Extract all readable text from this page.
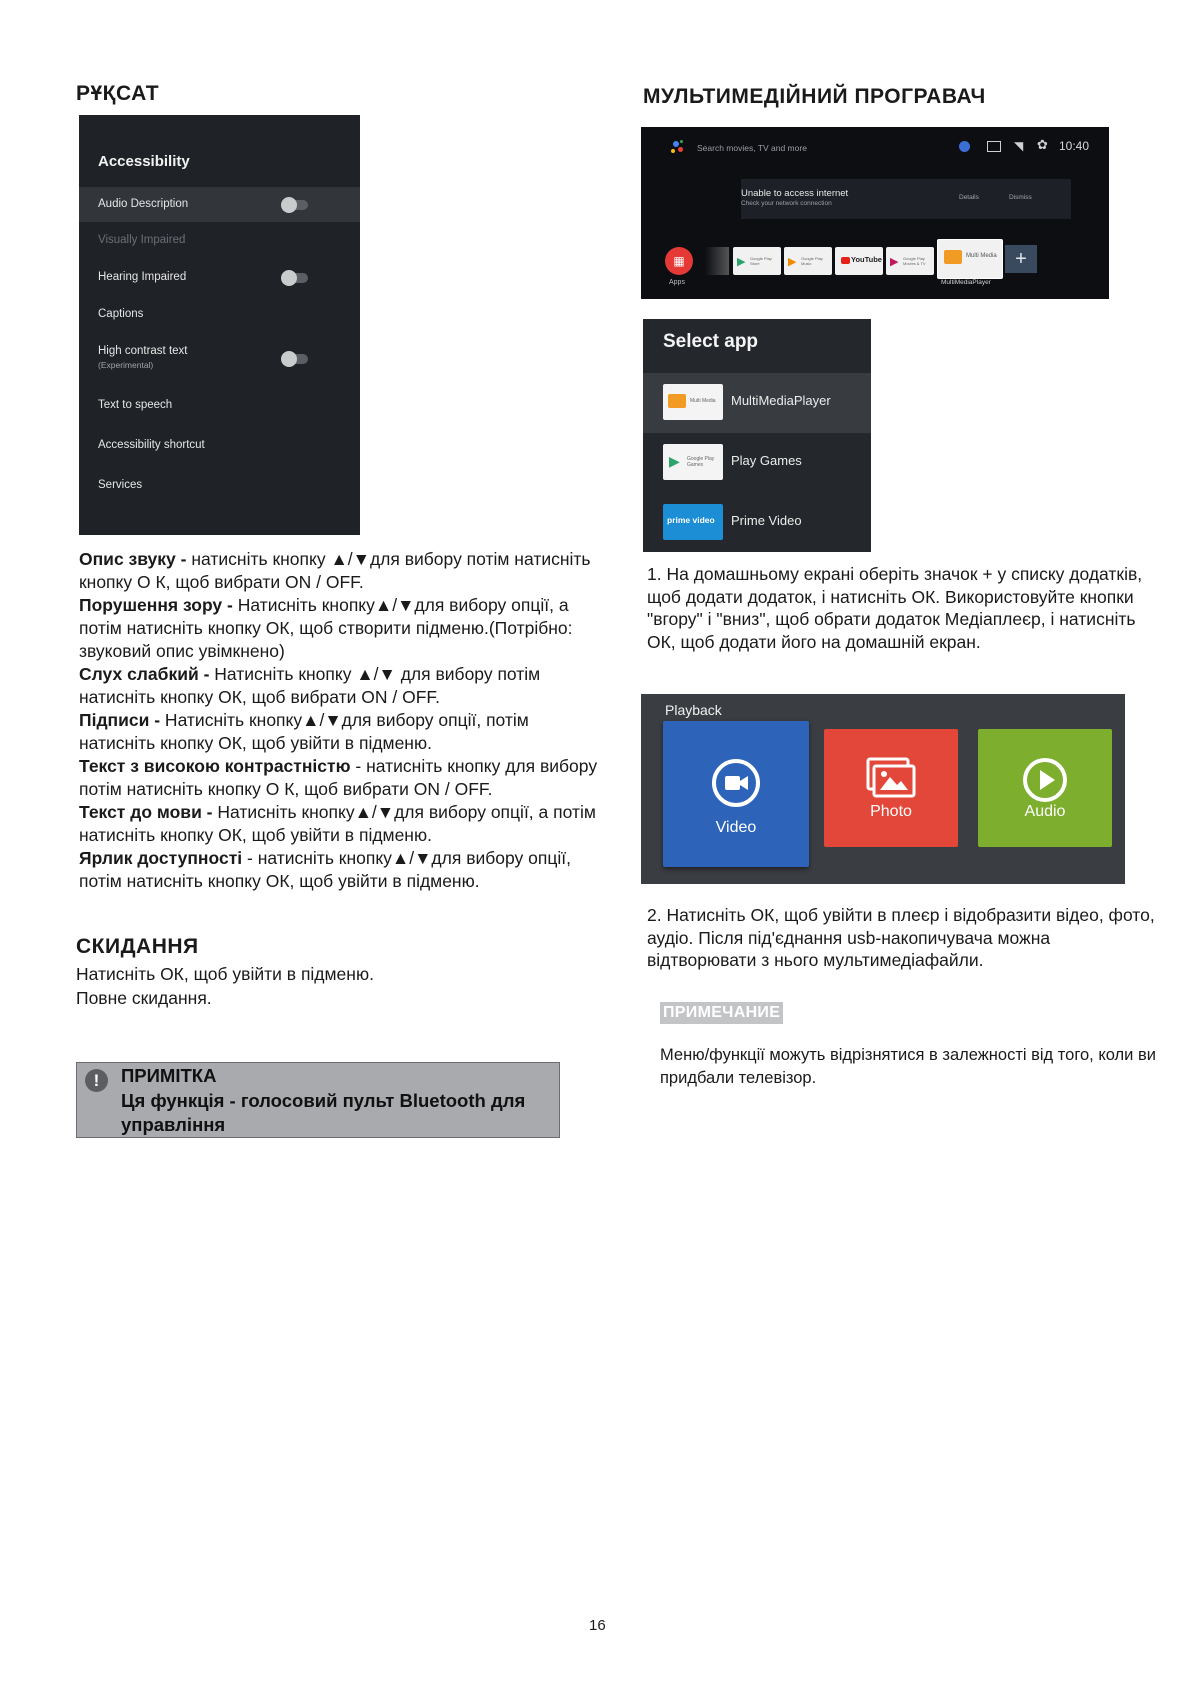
РҰҚСАТ
Accessibility
Audio Description
Visually Impaired
Hearing Impaired
Captions
High contrast text
(Experimental)
Text to speech
Accessibility shortcut
Services

Опис звуку - натисніть кнопку ▲/▼для вибору потім натисніть кнопку О К, щоб вибрати ON / OFF.

Порушення зору - Натисніть кнопку▲/▼для вибору опції, а потім натисніть кнопку ОК, щоб створити підменю.(Потрібно: звуковий опис увімкнено)

Слух слабкий - Натисніть кнопку ▲/▼ для вибору потім натисніть кнопку ОК, щоб вибрати ON / OFF.

Підписи - Натисніть кнопку▲/▼для вибору опції, потім натисніть кнопку ОК, щоб увійти в підменю.

Текст з високою контрастністю - натисніть кнопку для вибору потім натисніть кнопку О К, щоб вибрати ON / OFF.

Текст до мови - Натисніть кнопку▲/▼для вибору опції, а потім натисніть кнопку ОК, щоб увійти в підменю.

Ярлик доступності - натисніть кнопку▲/▼для вибору опції, потім натисніть кнопку ОК, щоб увійти в підменю.

СКИДАННЯ
Натисніть ОК, щоб увійти в підменю.
Повне скидання.
!	ПРИМІТКА
Ця функція - голосовий пульт Bluetooth для управління
МУЛЬТИМЕДІЙНИЙ ПРОГРАВАЧ
Search movies, TV and more	◥ ✿ 10:40
Unable to access internet
Check your network connection
Details	Dismiss
▦
Apps
▶ Google Play Store	▶ Google Play Music	YouTube ▶ Google Play Movies & TV
Multi Media
MultiMediaPlayer
+
Select app
Multi Media MultiMediaPlayer
▶ Google Play Games	Play Games
prime video Prime Video
1. На домашньому екрані оберіть значок + у списку додатків, щоб додати додаток, і натисніть ОК. Використовуйте кнопки "вгору" і "вниз", щоб обрати додаток Медіаплеєр, і натисніть ОК, щоб додати його на домашній екран.
Playback
Video
Photo	Audio
2. Натисніть ОК, щоб увійти в плеєр і відобразити відео, фото, аудіо. Після під'єднання usb-накопичувача можна відтворювати з нього мультимедіафайли.
ПРИМЕЧАНИЕ
Меню/функції можуть відрізнятися в залежності від того, коли ви придбали телевізор.
16
